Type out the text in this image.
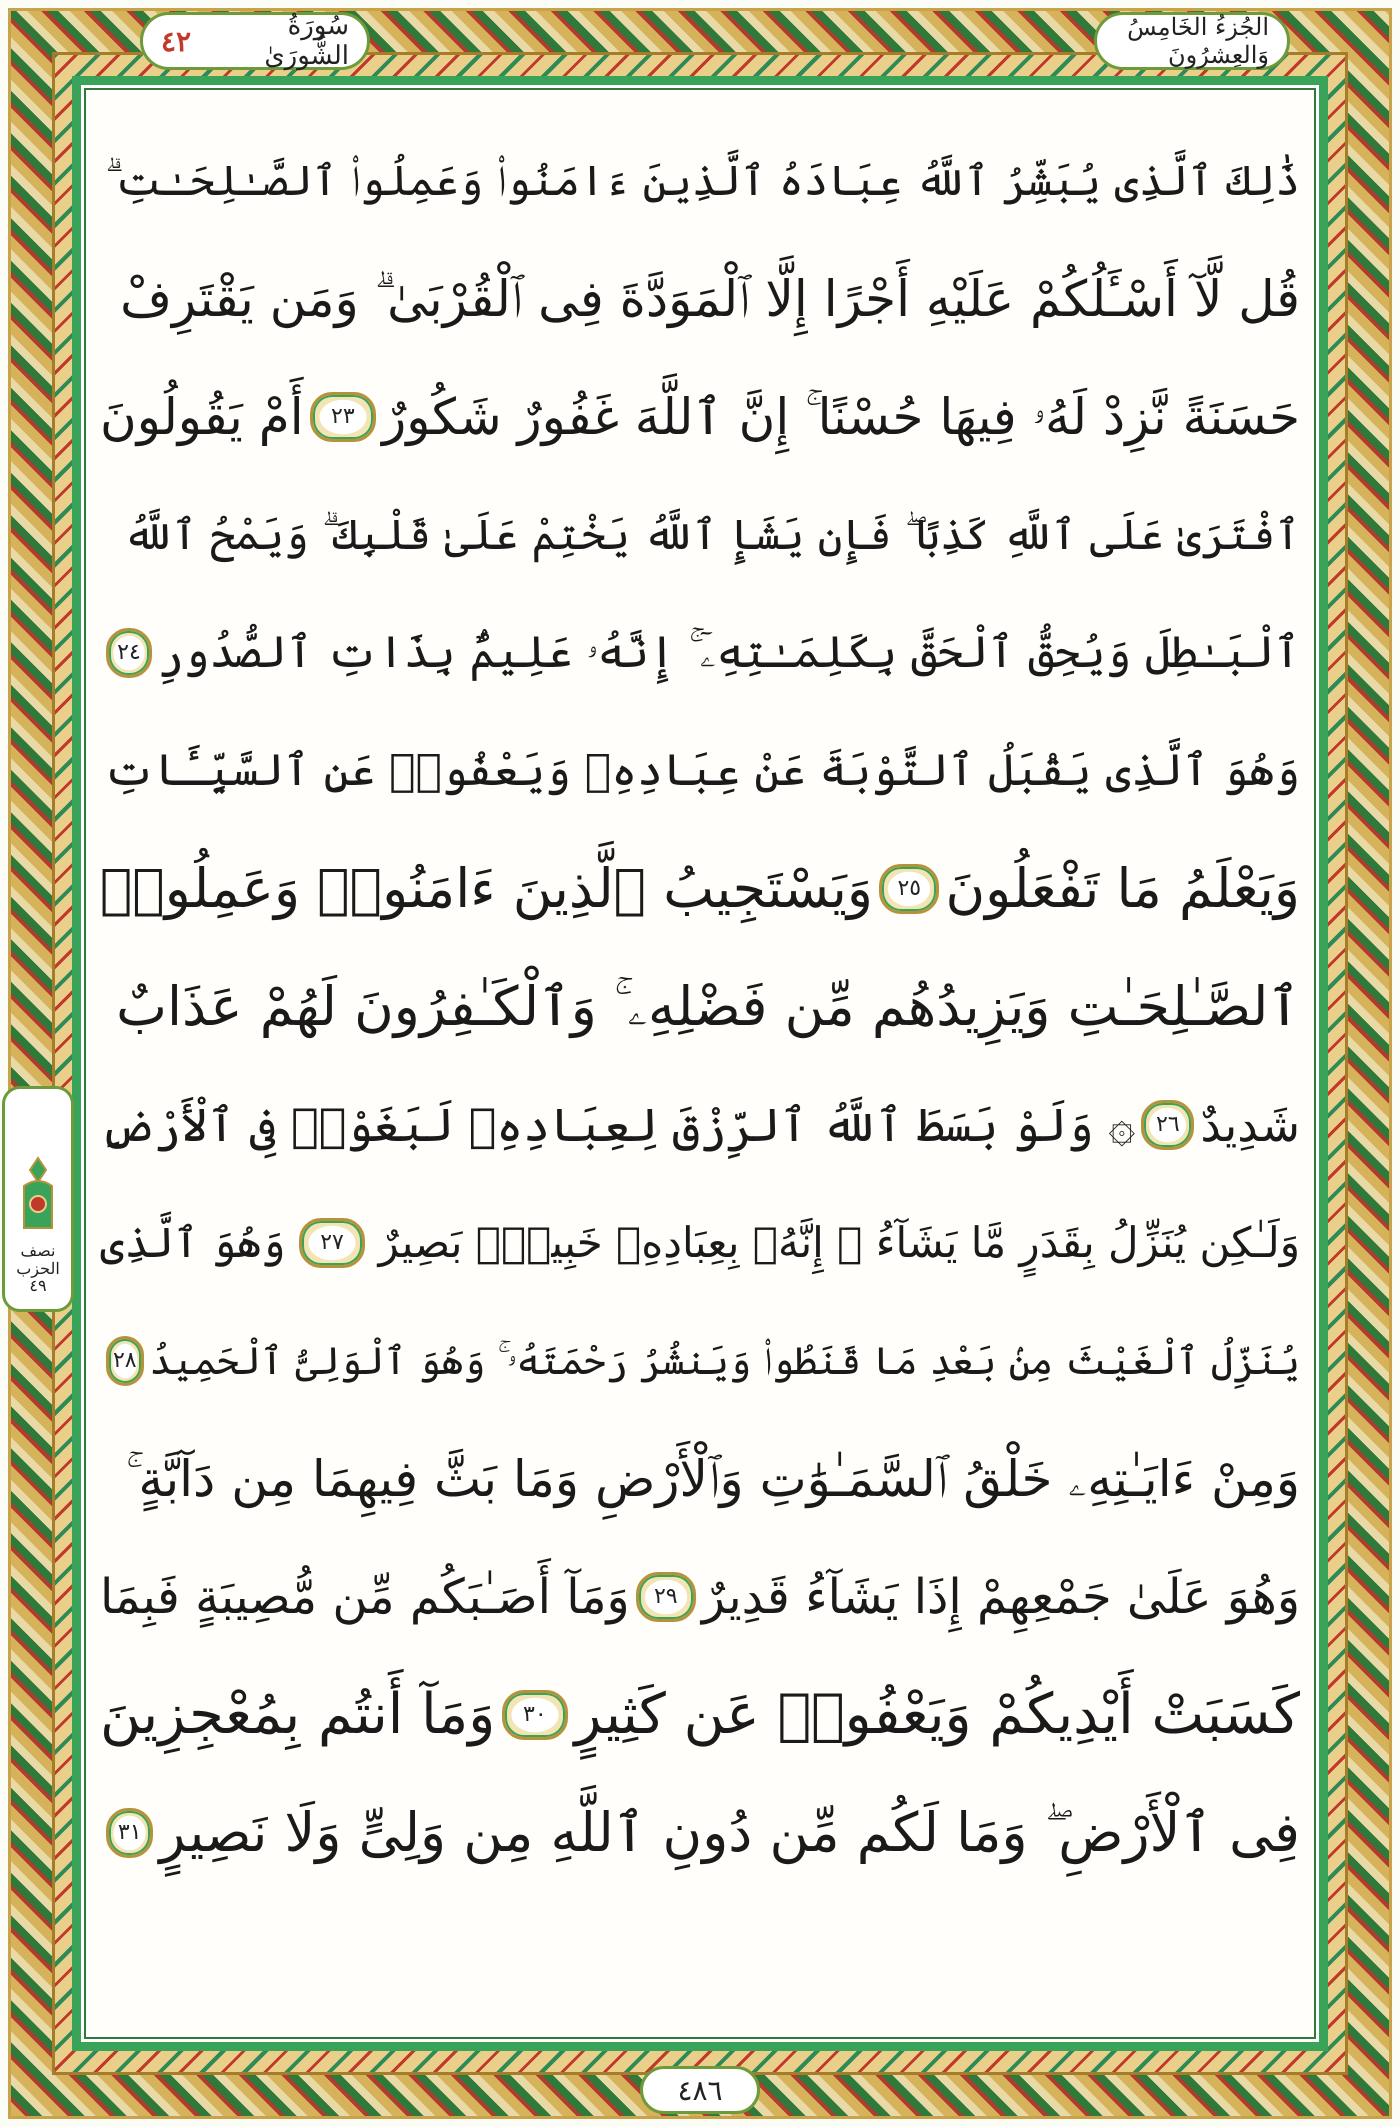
سُورَةُ الشُّورَىٰ
٤٢	الجُزءُ الخَامِسُ وَالعِشرُونَ
نصف
الحزب
٤٩
ذَٰلِكَ ٱلَّذِى يُبَشِّرُ ٱللَّهُ عِبَادَهُ ٱلَّذِينَ ءَامَنُوا۟ وَعَمِلُوا۟ ٱلصَّـٰلِحَـٰتِ ۗ
قُل لَّآ أَسْـَٔلُكُمْ عَلَيْهِ أَجْرًا إِلَّا ٱلْمَوَدَّةَ فِى ٱلْقُرْبَىٰ ۗ وَمَن يَقْتَرِفْ
حَسَنَةً نَّزِدْ لَهُۥ فِيهَا حُسْنًا ۚ إِنَّ ٱللَّهَ غَفُورٌ شَكُورٌ
٢٣
أَمْ يَقُولُونَ
ٱفْتَرَىٰ عَلَى ٱللَّهِ كَذِبًا ۖ فَإِن يَشَإِ ٱللَّهُ يَخْتِمْ عَلَىٰ قَلْبِكَ ۗ وَيَمْحُ ٱللَّهُ
ٱلْبَـٰطِلَ وَيُحِقُّ ٱلْحَقَّ بِكَلِمَـٰتِهِۦٓ ۚ إِنَّهُۥ عَلِيمٌۢ بِذَاتِ ٱلصُّدُورِ
٢٤
وَهُوَ ٱلَّذِى يَقْبَلُ ٱلتَّوْبَةَ عَنْ عِبَادِهِۦ وَيَعْفُوا۟ عَنِ ٱلسَّيِّـَٔاتِ
وَيَعْلَمُ مَا تَفْعَلُونَ
٢٥
وَيَسْتَجِيبُ ٱلَّذِينَ ءَامَنُوا۟ وَعَمِلُوا۟
ٱلصَّـٰلِحَـٰتِ وَيَزِيدُهُم مِّن فَضْلِهِۦ ۚ وَٱلْكَـٰفِرُونَ لَهُمْ عَذَابٌ
شَدِيدٌ
٢٦
۞ وَلَوْ بَسَطَ ٱللَّهُ ٱلرِّزْقَ لِعِبَادِهِۦ لَبَغَوْا۟ فِى ٱلْأَرْضِ
وَلَـٰكِن يُنَزِّلُ بِقَدَرٍ مَّا يَشَآءُ ۚ إِنَّهُۥ بِعِبَادِهِۦ خَبِيرٌۢ بَصِيرٌ
٢٧
وَهُوَ ٱلَّذِى
يُنَزِّلُ ٱلْغَيْثَ مِنۢ بَعْدِ مَا قَنَطُوا۟ وَيَنشُرُ رَحْمَتَهُۥ ۚ وَهُوَ ٱلْوَلِىُّ ٱلْحَمِيدُ
٢٨
وَمِنْ ءَايَـٰتِهِۦ خَلْقُ ٱلسَّمَـٰوَٰتِ وَٱلْأَرْضِ وَمَا بَثَّ فِيهِمَا مِن دَآبَّةٍ ۚ
وَهُوَ عَلَىٰ جَمْعِهِمْ إِذَا يَشَآءُ قَدِيرٌ
٢٩
وَمَآ أَصَـٰبَكُم مِّن مُّصِيبَةٍ فَبِمَا
كَسَبَتْ أَيْدِيكُمْ وَيَعْفُوا۟ عَن كَثِيرٍ
٣٠
وَمَآ أَنتُم بِمُعْجِزِينَ
فِى ٱلْأَرْضِ ۖ وَمَا لَكُم مِّن دُونِ ٱللَّهِ مِن وَلِىٍّ وَلَا نَصِيرٍ
٣١
٤٨٦
